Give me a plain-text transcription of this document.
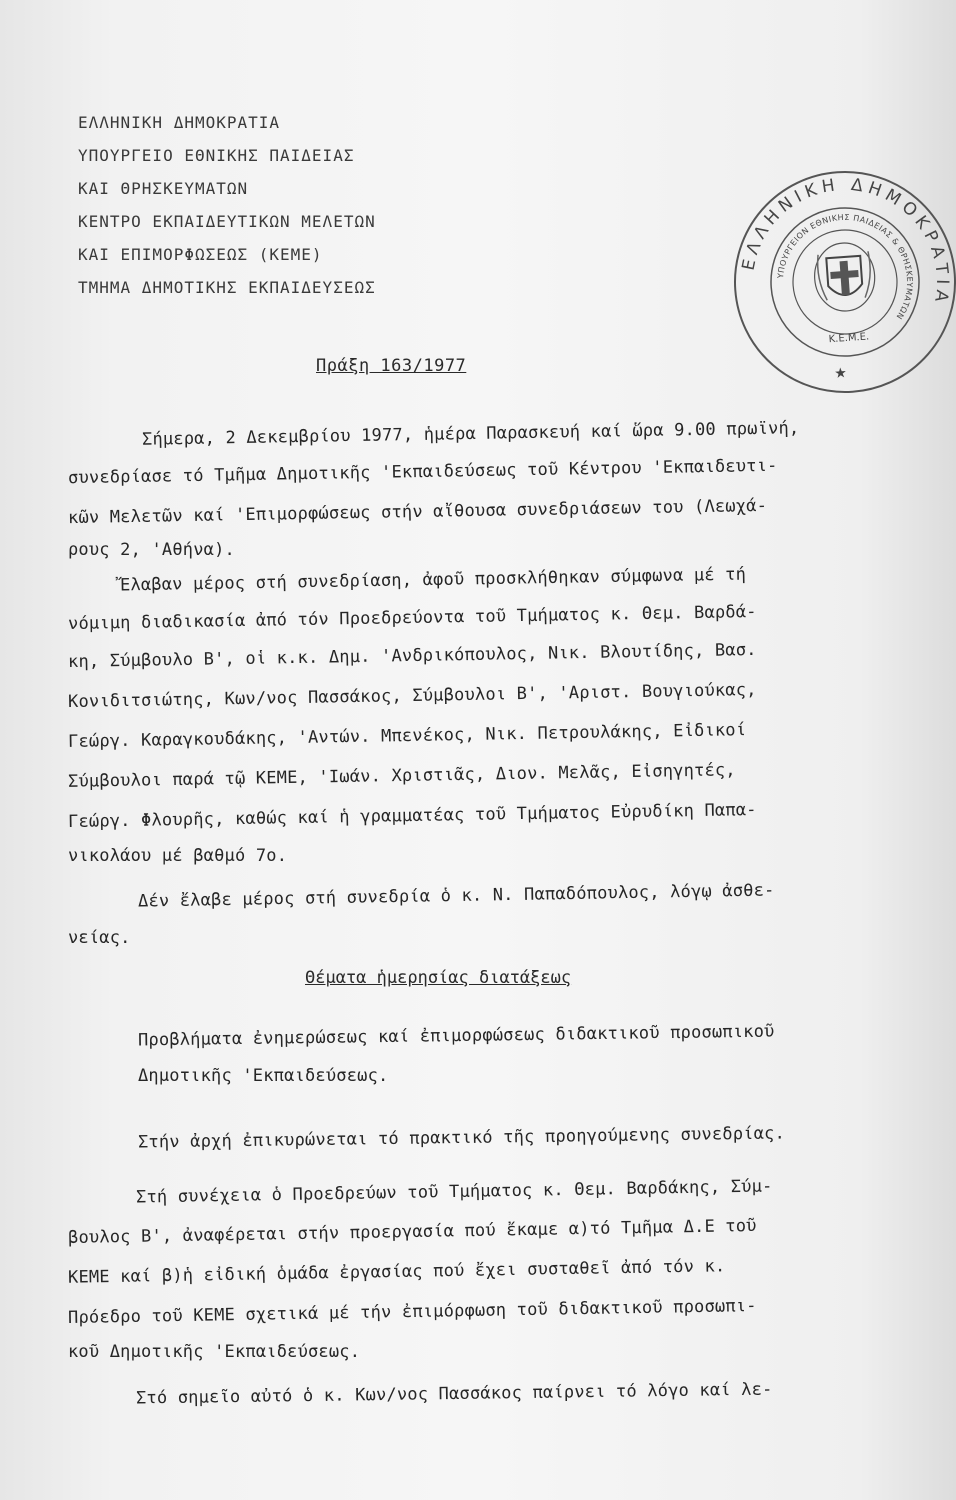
ΕΛΛΗΝΙΚΗ ΔΗΜΟΚΡΑΤΙΑ
ΥΠΟΥΡΓΕΙΟ ΕΘΝΙΚΗΣ ΠΑΙΔΕΙΑΣ
ΚΑΙ ΘΡΗΣΚΕΥΜΑΤΩΝ
ΚΕΝΤΡΟ ΕΚΠΑΙΔΕΥΤΙΚΩΝ ΜΕΛΕΤΩΝ
ΚΑΙ ΕΠΙΜΟΡΦΩΣΕΩΣ (ΚΕΜΕ)
ΤΜΗΜΑ ΔΗΜΟΤΙΚΗΣ ΕΚΠΑΙΔΕΥΣΕΩΣ
ΕΛΛΗΝΙΚΗ ΔΗΜΟΚΡΑΤΙΑ
ΥΠΟΥΡΓΕΙΟΝ ΕΘΝΙΚΗΣ ΠΑΙΔΕΙΑΣ & ΘΡΗΣΚΕΥΜΑΤΩΝ
Κ.Ε.Μ.Ε.
★
Πράξη 163/1977
Σήμερα, 2 Δεκεμβρίου 1977, ἡμέρα Παρασκευή καί ὥρα 9.00 πρωϊνή,
συνεδρίασε τό Τμῆμα Δημοτικῆς 'Εκπαιδεύσεως τοῦ Κέντρου 'Εκπαιδευτι-
κῶν Μελετῶν καί 'Επιμορφώσεως στήν αἴθουσα συνεδριάσεων του (Λεωχά-
ρους 2, 'Αθήνα).
Ἔλαβαν μέρος στή συνεδρίαση, ἀφοῦ προσκλήθηκαν σύμφωνα μέ τή
νόμιμη διαδικασία ἀπό τόν Προεδρεύοντα τοῦ Τμήματος κ. Θεμ. Βαρδά-
κη, Σύμβουλο Β', οἱ κ.κ. Δημ. 'Ανδρικόπουλος, Νικ. Βλουτίδης, Βασ.
Κονιδιτσιώτης, Κων/νος Πασσάκος, Σύμβουλοι Β', 'Αριστ. Βουγιούκας,
Γεώργ. Καραγκουδάκης, 'Αντών. Μπενέκος, Νικ. Πετρουλάκης, Εἰδικοί
Σύμβουλοι παρά τῷ ΚΕΜΕ, 'Ιωάν. Χριστιᾶς, Διον. Μελᾶς, Εἰσηγητές,
Γεώργ. Φλουρῆς, καθώς καί ἡ γραμματέας τοῦ Τμήματος Εὐρυδίκη Παπα-
νικολάου μέ βαθμό 7ο.
Δέν ἔλαβε μέρος στή συνεδρία ὁ κ. Ν. Παπαδόπουλος, λόγῳ ἀσθε-
νείας.
Θέματα ἡμερησίας διατάξεως
Προβλήματα ἐνημερώσεως καί ἐπιμορφώσεως διδακτικοῦ προσωπικοῦ
Δημοτικῆς 'Εκπαιδεύσεως.
Στήν ἀρχή ἐπικυρώνεται τό πρακτικό τῆς προηγούμενης συνεδρίας.
Στή συνέχεια ὁ Προεδρεύων τοῦ Τμήματος κ. Θεμ. Βαρδάκης, Σύμ-
βουλος Β', ἀναφέρεται στήν προεργασία πού ἔκαμε α)τό Τμῆμα Δ.Ε τοῦ
ΚΕΜΕ καί β)ἡ εἰδική ὁμάδα ἐργασίας πού ἔχει συσταθεῖ ἀπό τόν κ.
Πρόεδρο τοῦ ΚΕΜΕ σχετικά μέ τήν ἐπιμόρφωση τοῦ διδακτικοῦ προσωπι-
κοῦ Δημοτικῆς 'Εκπαιδεύσεως.
Στό σημεῖο αὐτό ὁ κ. Κων/νος Πασσάκος παίρνει τό λόγο καί λε-
